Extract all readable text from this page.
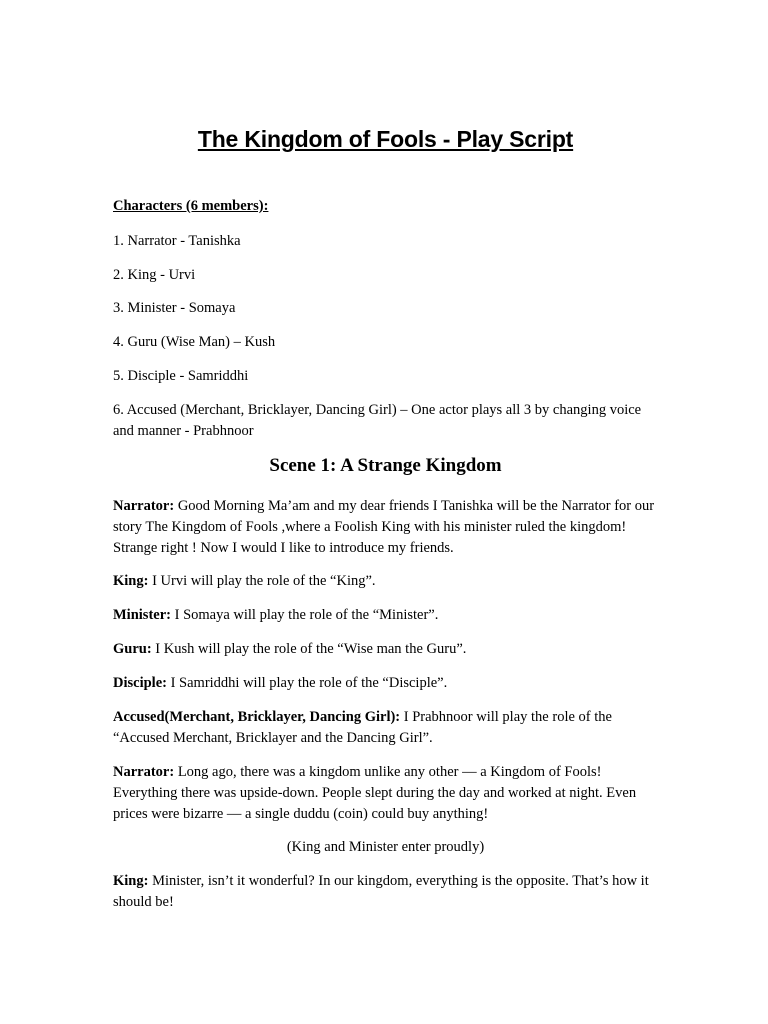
The Kingdom of Fools - Play Script
Characters (6 members):
1. Narrator - Tanishka
2. King - Urvi
3. Minister - Somaya
4. Guru (Wise Man) – Kush
5. Disciple - Samriddhi
6. Accused (Merchant, Bricklayer, Dancing Girl) – One actor plays all 3 by changing voice and manner - Prabhnoor
Scene 1: A Strange Kingdom
Narrator: Good Morning Ma’am and my dear friends I Tanishka will be the Narrator for our story The Kingdom of Fools ,where a Foolish King with his minister ruled the kingdom! Strange right ! Now I would I like to introduce my friends.
King: I Urvi will play the role of the “King”.
Minister: I Somaya will play the role of the “Minister”.
Guru: I Kush will play the role of the “Wise man the Guru”.
Disciple: I Samriddhi will play the role of the “Disciple”.
Accused(Merchant, Bricklayer, Dancing Girl): I Prabhnoor will play the role of the “Accused Merchant, Bricklayer and the Dancing Girl”.
Narrator: Long ago, there was a kingdom unlike any other — a Kingdom of Fools! Everything there was upside-down. People slept during the day and worked at night. Even prices were bizarre — a single duddu (coin) could buy anything!
(King and Minister enter proudly)
King: Minister, isn’t it wonderful? In our kingdom, everything is the opposite. That’s how it should be!
